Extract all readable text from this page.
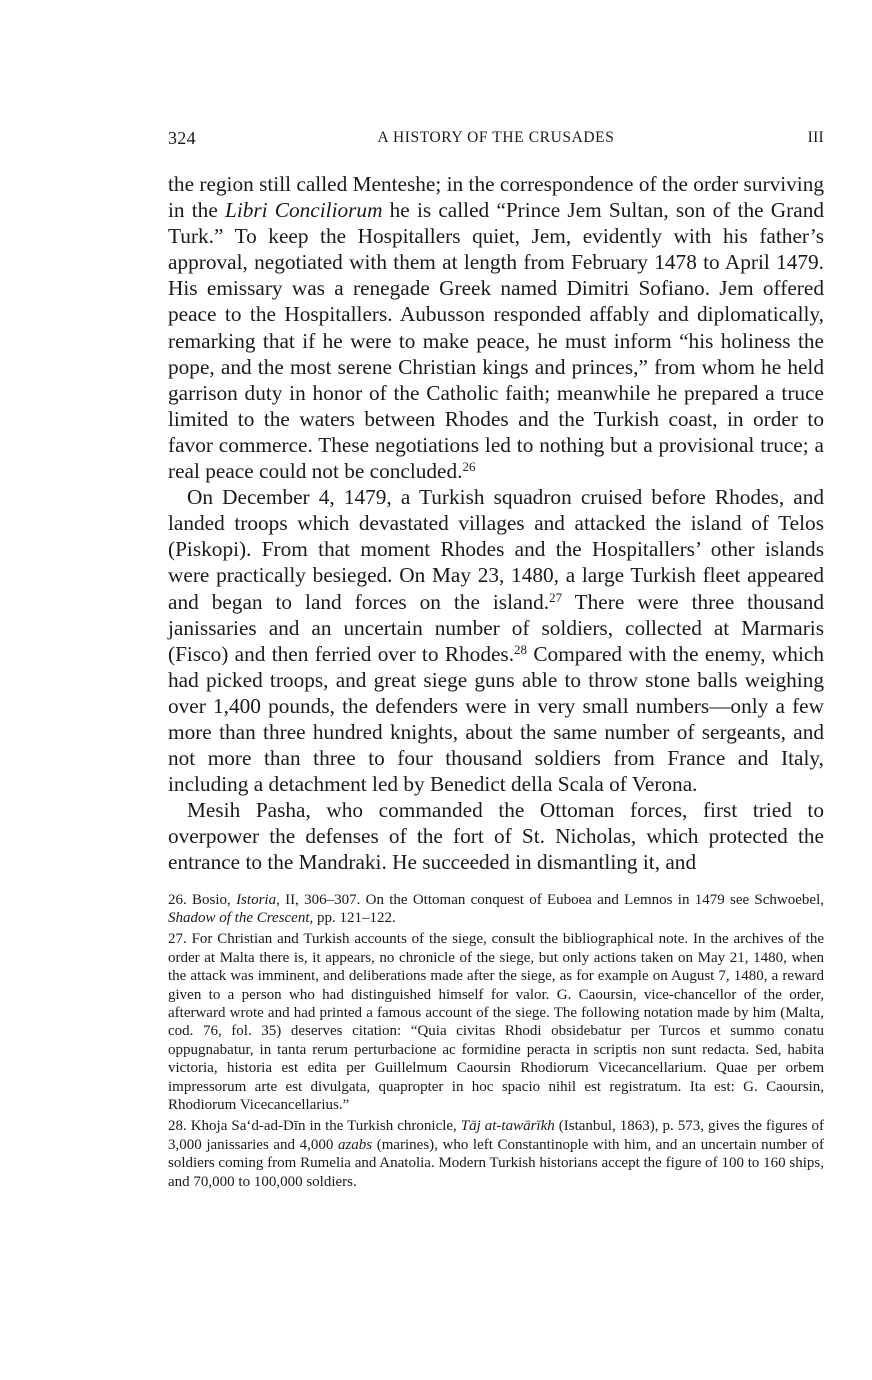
324	A HISTORY OF THE CRUSADES	III

the region still called Menteshe; in the correspondence of the order surviving in the Libri Conciliorum he is called “Prince Jem Sultan, son of the Grand Turk.” To keep the Hospitallers quiet, Jem, evidently with his father’s approval, negotiated with them at length from February 1478 to April 1479. His emissary was a renegade Greek named Dimitri Sofiano. Jem offered peace to the Hospitallers. Aubusson responded affably and diplomatically, remarking that if he were to make peace, he must inform “his holiness the pope, and the most serene Christian kings and princes,” from whom he held garrison duty in honor of the Catholic faith; meanwhile he prepared a truce limited to the waters between Rhodes and the Turkish coast, in order to favor commerce. These negotiations led to nothing but a provisional truce; a real peace could not be concluded.$^{26}$

On December 4, 1479, a Turkish squadron cruised before Rhodes, and landed troops which devastated villages and attacked the island of Telos (Piskopi). From that moment Rhodes and the Hospitallers’ other islands were practically besieged. On May 23, 1480, a large Turkish fleet appeared and began to land forces on the island.$^{27}$ There were three thousand janissaries and an uncertain number of soldiers, collected at Marmaris (Fisco) and then ferried over to Rhodes.$^{28}$ Compared with the enemy, which had picked troops, and great siege guns able to throw stone balls weighing over 1,400 pounds, the defenders were in very small numbers—only a few more than three hundred knights, about the same number of sergeants, and not more than three to four thousand soldiers from France and Italy, including a detachment led by Benedict della Scala of Verona.

Mesih Pasha, who commanded the Ottoman forces, first tried to overpower the defenses of the fort of St. Nicholas, which protected the entrance to the Mandraki. He succeeded in dismantling it, and

26. Bosio, Istoria, II, 306–307. On the Ottoman conquest of Euboea and Lemnos in 1479 see Schwoebel, Shadow of the Crescent, pp. 121–122.

27. For Christian and Turkish accounts of the siege, consult the bibliographical note. In the archives of the order at Malta there is, it appears, no chronicle of the siege, but only actions taken on May 21, 1480, when the attack was imminent, and deliberations made after the siege, as for example on August 7, 1480, a reward given to a person who had distinguished himself for valor. G. Caoursin, vice-chancellor of the order, afterward wrote and had printed a famous account of the siege. The following notation made by him (Malta, cod. 76, fol. 35) deserves citation: “Quia civitas Rhodi obsidebatur per Turcos et summo conatu oppugnabatur, in tanta rerum perturbacione ac formidine peracta in scriptis non sunt redacta. Sed, habita victoria, historia est edita per Guillelmum Caoursin Rhodiorum Vicecancellarium. Quae per orbem impressorum arte est divulgata, quapropter in hoc spacio nihil est registratum. Ita est: G. Caoursin, Rhodiorum Vicecancellarius.”

28. Khoja Sa‘d-ad-Dīn in the Turkish chronicle, Tāj at-tawārīkh (Istanbul, 1863), p. 573, gives the figures of 3,000 janissaries and 4,000 azabs (marines), who left Constantinople with him, and an uncertain number of soldiers coming from Rumelia and Anatolia. Modern Turkish historians accept the figure of 100 to 160 ships, and 70,000 to 100,000 soldiers.
